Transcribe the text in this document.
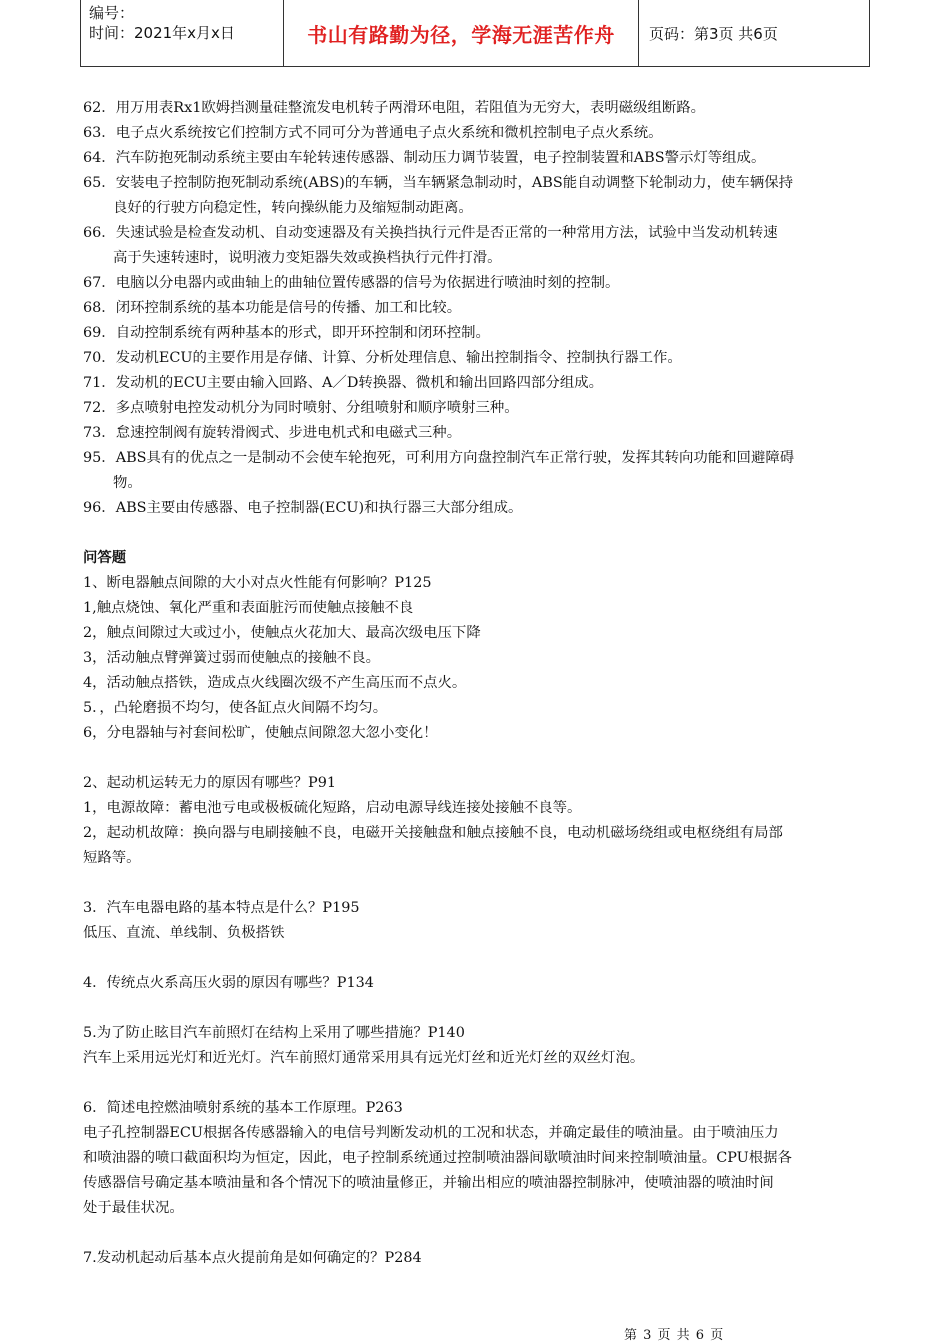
编号：
时间：2021年x月x日	书山有路勤为径，学海无涯苦作舟	页码：第3页 共6页
62．用万用表Rx1欧姆挡测量硅整流发电机转子两滑环电阻，若阻值为无穷大，表明磁级组断路。
63．电子点火系统按它们控制方式不同可分为普通电子点火系统和微机控制电子点火系统。
64．汽车防抱死制动系统主要由车轮转速传感器、制动压力调节装置，电子控制装置和ABS警示灯等组成。
65．安装电子控制防抱死制动系统(ABS)的车辆，当车辆紧急制动时，ABS能自动调整下轮制动力，使车辆保持
良好的行驶方向稳定性，转向操纵能力及缩短制动距离。
66．失速试验是检查发动机、自动变速器及有关换挡执行元件是否正常的一种常用方法，试验中当发动机转速
高于失速转速时，说明液力变矩器失效或换档执行元件打滑。
67．电脑以分电器内或曲轴上的曲轴位置传感器的信号为依据进行喷油时刻的控制。
68．闭环控制系统的基本功能是信号的传播、加工和比较。
69．自动控制系统有两种基本的形式，即开环控制和闭环控制。
70．发动机ECU的主要作用是存储、计算、分析处理信息、输出控制指令、控制执行器工作。
71．发动机的ECU主要由输入回路、A／D转换器、微机和输出回路四部分组成。
72．多点喷射电控发动机分为同时喷射、分组喷射和顺序喷射三种。
73．怠速控制阀有旋转滑阀式、步进电机式和电磁式三种。
95．ABS具有的优点之一是制动不会使车轮抱死，可利用方向盘控制汽车正常行驶，发挥其转向功能和回避障碍
物。
96．ABS主要由传感器、电子控制器(ECU)和执行器三大部分组成。
问答题
1、断电器触点间隙的大小对点火性能有何影响？P125
1,触点烧蚀、氧化严重和表面脏污而使触点接触不良
2，触点间隙过大或过小，使触点火花加大、最高次级电压下降
3，活动触点臂弹簧过弱而使触点的接触不良。
4，活动触点搭铁，造成点火线圈次级不产生高压而不点火。
5．，凸轮磨损不均匀，使各缸点火间隔不均匀。
6，分电器轴与衬套间松旷，使触点间隙忽大忽小变化！
2、起动机运转无力的原因有哪些？P91
1，电源故障：蓄电池亏电或极板硫化短路，启动电源导线连接处接触不良等。
2，起动机故障：换向器与电刷接触不良，电磁开关接触盘和触点接触不良，电动机磁场绕组或电枢绕组有局部
短路等。
3．汽车电器电路的基本特点是什么？P195
低压、直流、单线制、负极搭铁
4．传统点火系高压火弱的原因有哪些？P134
5.为了防止眩目汽车前照灯在结构上采用了哪些措施？P140
汽车上采用远光灯和近光灯。汽车前照灯通常采用具有远光灯丝和近光灯丝的双丝灯泡。
6．简述电控燃油喷射系统的基本工作原理。P263
电子孔控制器ECU根据各传感器输入的电信号判断发动机的工况和状态，并确定最佳的喷油量。由于喷油压力
和喷油器的喷口截面积均为恒定，因此，电子控制系统通过控制喷油器间歇喷油时间来控制喷油量。CPU根据各
传感器信号确定基本喷油量和各个情况下的喷油量修正，并输出相应的喷油器控制脉冲，使喷油器的喷油时间
处于最佳状况。
7.发动机起动后基本点火提前角是如何确定的？P284
第 3 页 共 6 页
